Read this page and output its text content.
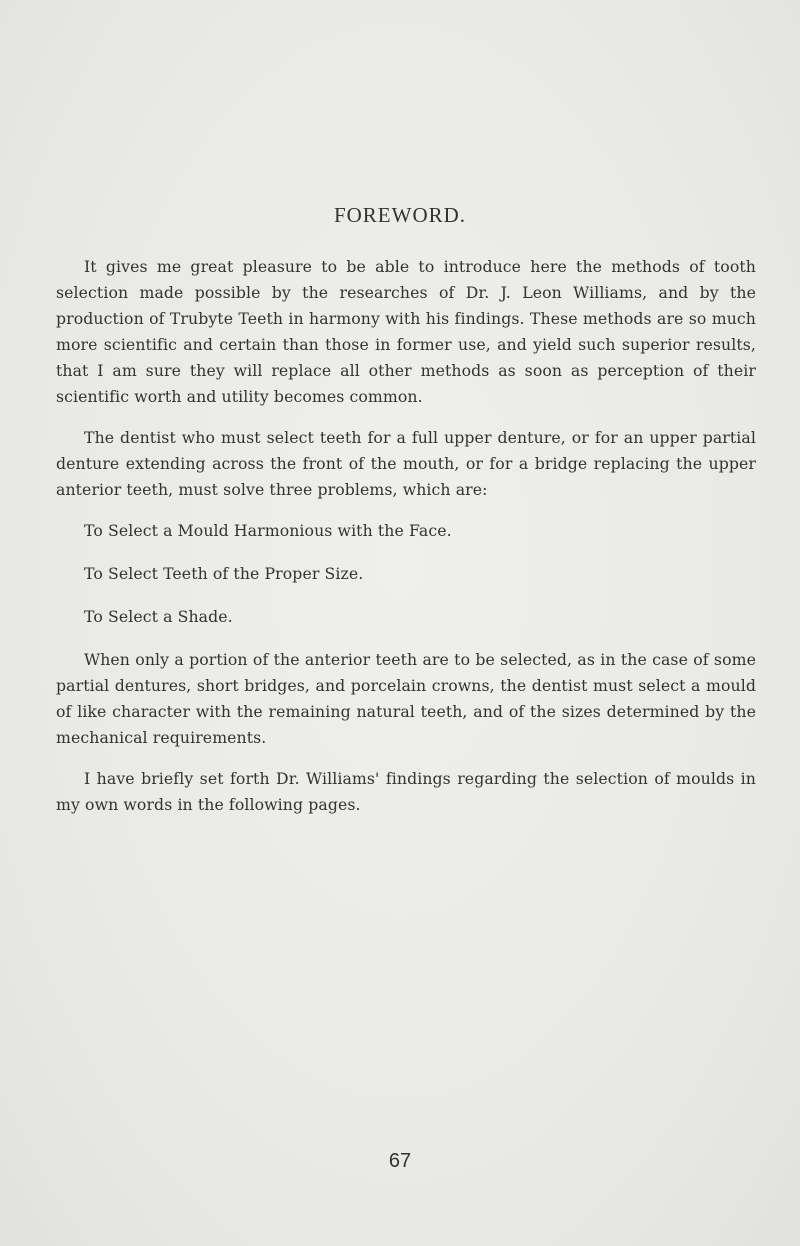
FOREWORD.

It gives me great pleasure to be able to introduce here the methods of tooth selection made possible by the researches of Dr. J. Leon Williams, and by the production of Trubyte Teeth in harmony with his findings. These methods are so much more scientific and certain than those in former use, and yield such superior results, that I am sure they will replace all other methods as soon as perception of their scientific worth and utility becomes common.

The dentist who must select teeth for a full upper denture, or for an upper partial denture extending across the front of the mouth, or for a bridge replacing the upper anterior teeth, must solve three problems, which are:

To Select a Mould Harmonious with the Face.

To Select Teeth of the Proper Size.

To Select a Shade.

When only a portion of the anterior teeth are to be selected, as in the case of some partial dentures, short bridges, and porcelain crowns, the dentist must select a mould of like character with the remaining natural teeth, and of the sizes determined by the mechanical requirements.

I have briefly set forth Dr. Williams' findings regarding the selection of moulds in my own words in the following pages.

67
